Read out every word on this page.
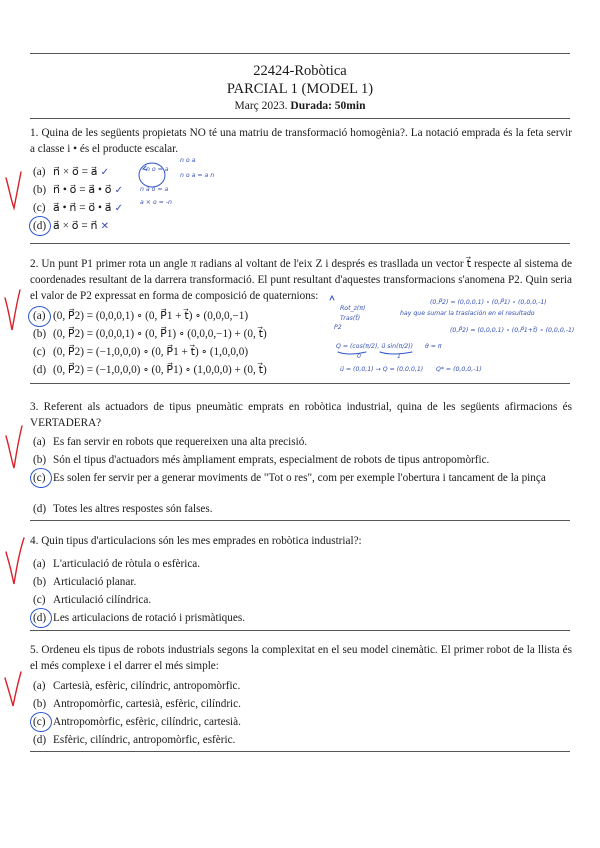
22424-Robòtica
PARCIAL 1 (MODEL 1)
Març 2023. Durada: 50min
1. Quina de les següents propietats NO té una matriu de transformació homogènia?. La notació emprada és la feta servir a classe i • és el producte escalar.
(a) n⃗ × o⃗ = a⃗ ✓
(b) n⃗ • o⃗ = a⃗ • o⃗ ✓
(c) a⃗ • n⃗ = o⃗ • a⃗ ✓
(d) a⃗ × o⃗ = n⃗ ✕
n o a
n o = a
n o a = a n
n a o = a
a × o = -n
2. Un punt P1 primer rota un angle π radians al voltant de l'eix Z i després es trasllada un vector t⃗ respecte al sistema de coordenades resultant de la darrera transformació. El punt resultant d'aquestes transformacions s'anomena P2. Quin seria el valor de P2 expressat en forma de composició de quaternions:
(a) (0, P⃗2) = (0,0,0,1) ∘ (0, P⃗1 + t⃗) ∘ (0,0,0,−1)
(b) (0, P⃗2) = (0,0,0,1) ∘ (0, P⃗1) ∘ (0,0,0,−1) + (0, t⃗)
(c) (0, P⃗2) = (−1,0,0,0) ∘ (0, P⃗1 + t⃗) ∘ (1,0,0,0)
(d) (0, P⃗2) = (−1,0,0,0) ∘ (0, P⃗1) ∘ (1,0,0,0) + (0, t⃗)
Rot_z(π)
Tras(t⃗)
P2
(0,P⃗2) = (0,0,0,1) ∘ (0,P⃗1) ∘ (0,0,0,-1)
hay que sumar la traslación en el resultado
(0,P⃗2) = (0,0,0,1) ∘ (0,P⃗1+t⃗) ∘ (0,0,0,-1)
Q = (cos(π/2), u⃗ sin(π/2)) θ = π
0	1
u⃗ = (0,0,1) → Q = (0,0,0,1) Q* = (0,0,0,-1)
3. Referent als actuadors de tipus pneumàtic emprats en robòtica industrial, quina de les següents afirmacions és VERTADERA?
(a) Es fan servir en robots que requereixen una alta precisió.
(b) Són el tipus d'actuadors més àmpliament emprats, especialment de robots de tipus antropomòrfic.
(c) Es solen fer servir per a generar moviments de "Tot o res", com per exemple l'obertura i tancament de la pinça
(d) Totes les altres respostes són falses.
4. Quin tipus d'articulacions són les mes emprades en robòtica industrial?:
(a) L'articulació de ròtula o esfèrica.
(b) Articulació planar.
(c) Articulació cilíndrica.
(d) Les articulacions de rotació i prismàtiques.
5. Ordeneu els tipus de robots industrials segons la complexitat en el seu model cinemàtic. El primer robot de la llista és el més complexe i el darrer el més simple:
(a) Cartesià, esfèric, cilíndric, antropomòrfic.
(b) Antropomòrfic, cartesià, esfèric, cilíndric.
(c) Antropomòrfic, esfèric, cilíndric, cartesià.
(d) Esfèric, cilíndric, antropomòrfic, esfèric.
